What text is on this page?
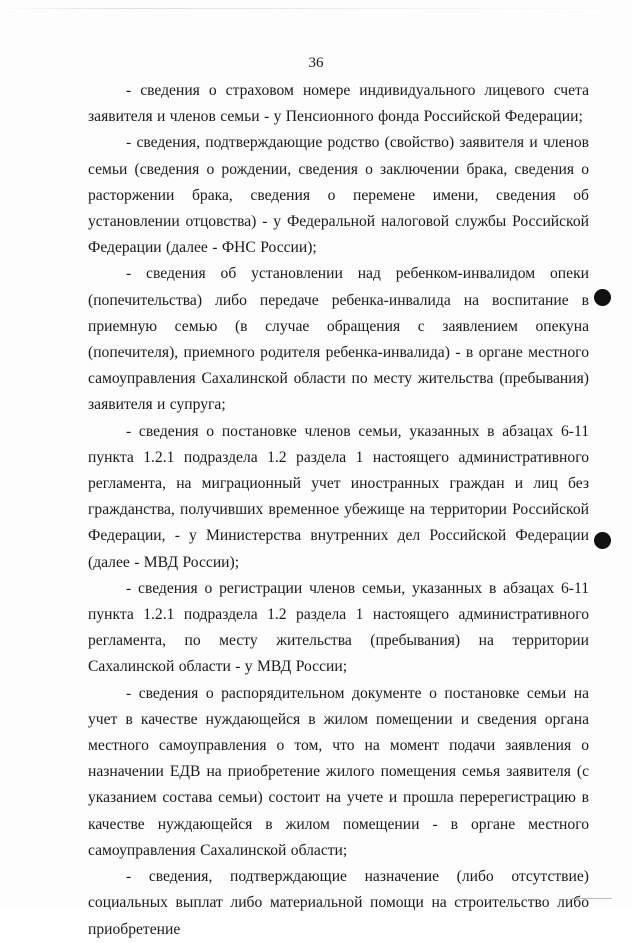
36

- сведения о страховом номере индивидуального лицевого счета заявителя и членов семьи - у Пенсионного фонда Российской Федерации;

- сведения, подтверждающие родство (свойство) заявителя и членов семьи (сведения о рождении, сведения о заключении брака, сведения о расторжении брака, сведения о перемене имени, сведения об установлении отцовства) - у Федеральной налоговой службы Российской Федерации (далее - ФНС России);

- сведения об установлении над ребенком-инвалидом опеки (попечительства) либо передаче ребенка-инвалида на воспитание в приемную семью (в случае обращения с заявлением опекуна (попечителя), приемного родителя ребенка-инвалида) - в органе местного самоуправления Сахалинской области по месту жительства (пребывания) заявителя и супруга;

- сведения о постановке членов семьи, указанных в абзацах 6-11 пункта 1.2.1 подраздела 1.2 раздела 1 настоящего административного регламента, на миграционный учет иностранных граждан и лиц без гражданства, получивших временное убежище на территории Российской Федерации, - у Министерства внутренних дел Российской Федерации (далее - МВД России);

- сведения о регистрации членов семьи, указанных в абзацах 6-11 пункта 1.2.1 подраздела 1.2 раздела 1 настоящего административного регламента, по месту жительства (пребывания) на территории Сахалинской области - у МВД России;

- сведения о распорядительном документе о постановке семьи на учет в качестве нуждающейся в жилом помещении и сведения органа местного самоуправления о том, что на момент подачи заявления о назначении ЕДВ на приобретение жилого помещения семья заявителя (с указанием состава семьи) состоит на учете и прошла перерегистрацию в качестве нуждающейся в жилом помещении - в органе местного самоуправления Сахалинской области;

- сведения, подтверждающие назначение (либо отсутствие) социальных выплат либо материальной помощи на строительство либо приобретение
